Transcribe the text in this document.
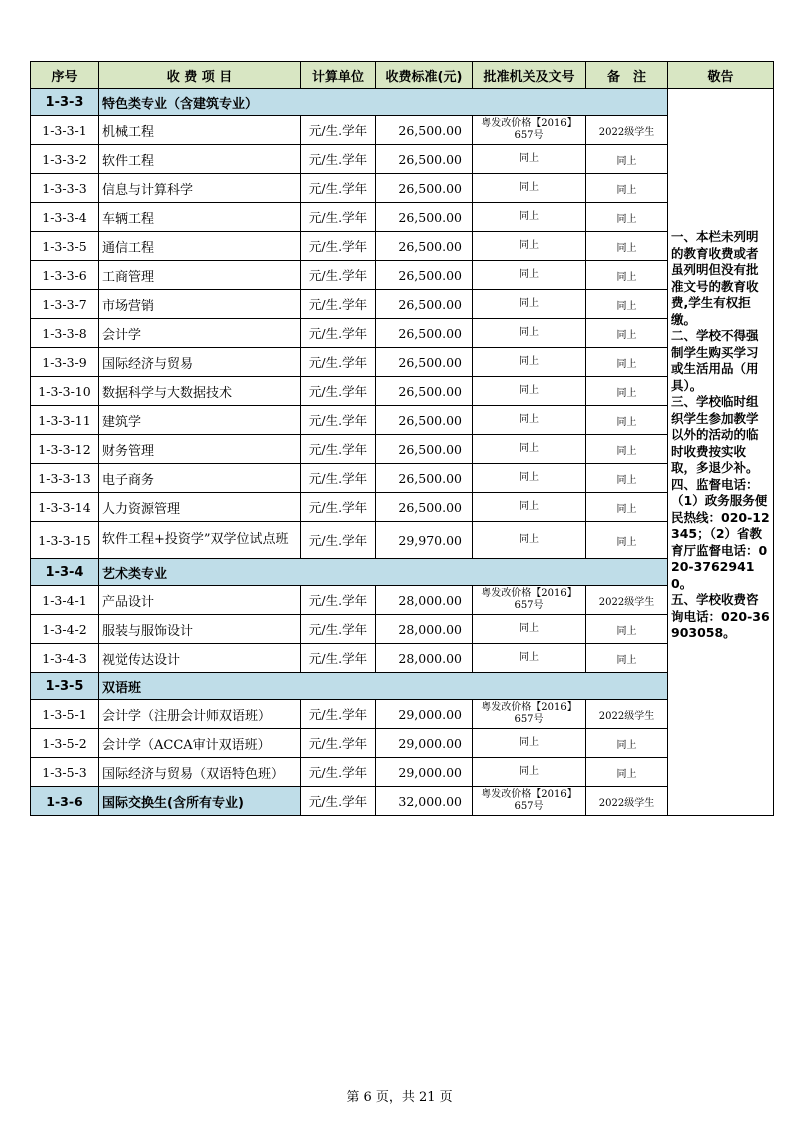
序号	收 费 项 目	计算单位	收费标准(元)	批准机关及文号	备　注	敬告
1-3-3	特色类专业（含建筑专业）					一、本栏未列明的教育收费或者虽列明但没有批准文号的教育收费,学生有权拒缴。
二、学校不得强制学生购买学习或生活用品（用具）。
三、学校临时组织学生参加教学以外的活动的临时收费按实收取，多退少补。
四、监督电话：（1）政务服务便民热线：020-12345；（2）省教育厅监督电话：020-37629410。
五、学校收费咨询电话：020-36903058。

1-3-3-1	机械工程	元/生.学年	26,500.00	粤发改价格【2016】
657号	2022级学生	
1-3-3-2	软件工程	元/生.学年	26,500.00	同上	同上	
1-3-3-3	信息与计算科学	元/生.学年	26,500.00	同上	同上	
1-3-3-4	车辆工程	元/生.学年	26,500.00	同上	同上	
1-3-3-5	通信工程	元/生.学年	26,500.00	同上	同上	
1-3-3-6	工商管理	元/生.学年	26,500.00	同上	同上	
1-3-3-7	市场营销	元/生.学年	26,500.00	同上	同上	
1-3-3-8	会计学	元/生.学年	26,500.00	同上	同上	
1-3-3-9	国际经济与贸易	元/生.学年	26,500.00	同上	同上	
1-3-3-10	数据科学与大数据技术	元/生.学年	26,500.00	同上	同上	
1-3-3-11	建筑学	元/生.学年	26,500.00	同上	同上	
1-3-3-12	财务管理	元/生.学年	26,500.00	同上	同上	
1-3-3-13	电子商务	元/生.学年	26,500.00	同上	同上	
1-3-3-14	人力资源管理	元/生.学年	26,500.00	同上	同上	
1-3-3-15	软件工程+投资学”双学位试点班	元/生.学年	29,970.00	同上	同上	
1-3-4	艺术类专业					
1-3-4-1	产品设计	元/生.学年	28,000.00	粤发改价格【2016】
657号	2022级学生	
1-3-4-2	服装与服饰设计	元/生.学年	28,000.00	同上	同上	
1-3-4-3	视觉传达设计	元/生.学年	28,000.00	同上	同上	
1-3-5	双语班					
1-3-5-1	会计学（注册会计师双语班）	元/生.学年	29,000.00	粤发改价格【2016】
657号	2022级学生	
1-3-5-2	会计学（ACCA审计双语班）	元/生.学年	29,000.00	同上	同上	
1-3-5-3	国际经济与贸易（双语特色班）	元/生.学年	29,000.00	同上	同上	
1-3-6	国际交换生(含所有专业)	元/生.学年	32,000.00	粤发改价格【2016】
657号	2022级学生	
第 6 页，共 21 页
